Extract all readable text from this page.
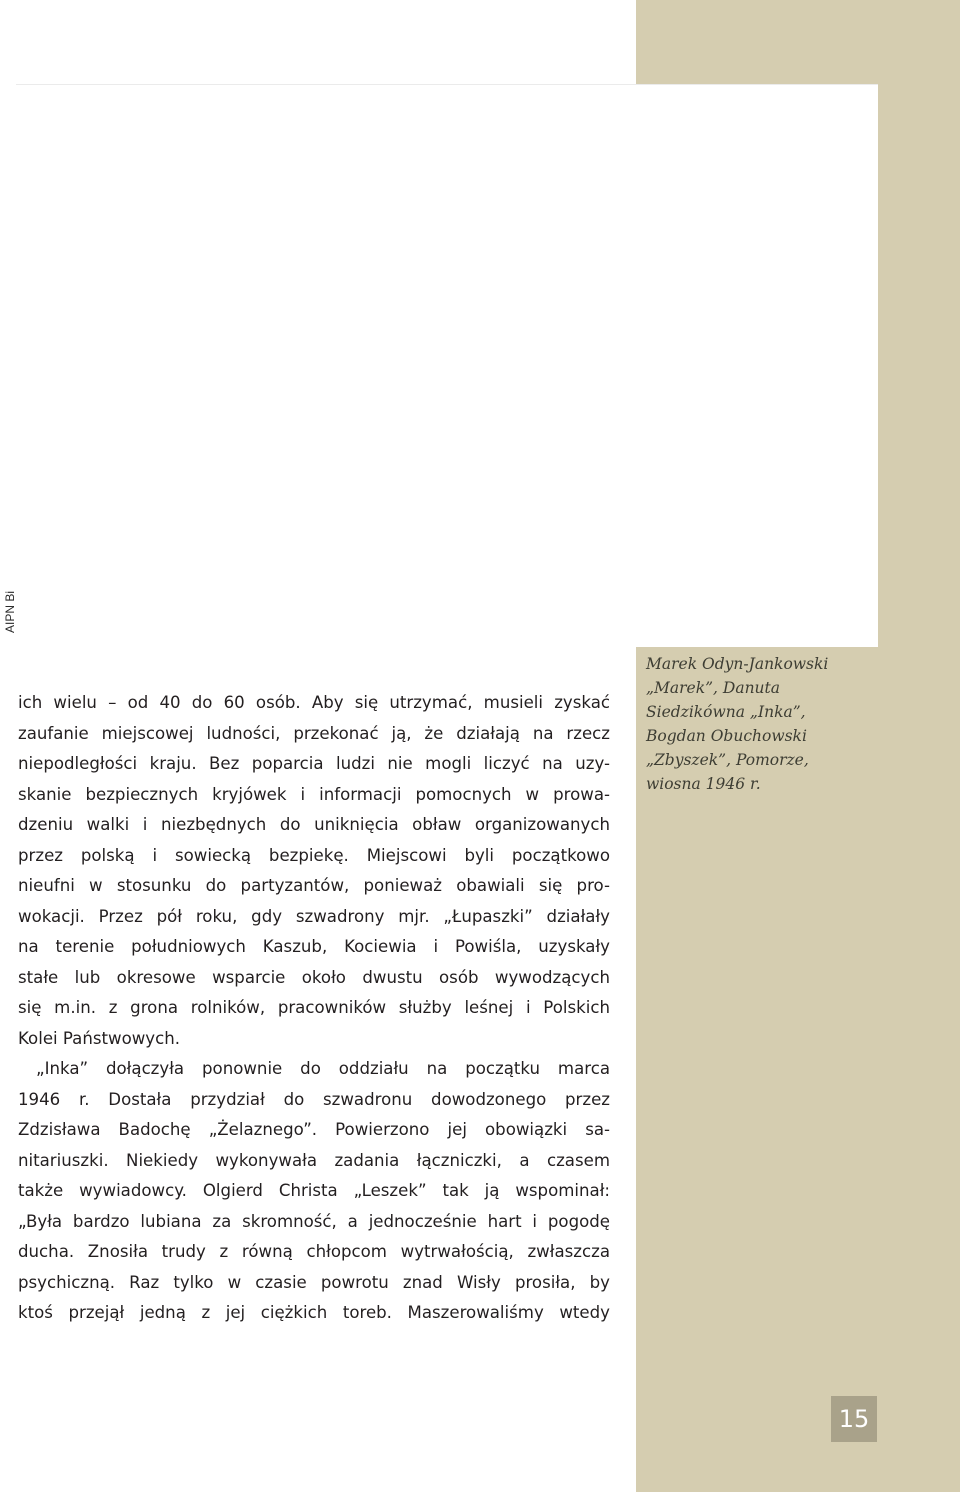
AIPN Bi
Marek Odyn-Jankowski
„Marek”, Danuta
Siedzikówna „Inka”,
Bogdan Obuchowski
„Zbyszek”, Pomorze,
wiosna 1946 r.
ich wielu – od 40 do 60 osób. Aby się utrzymać, musieli zyskać
zaufanie miejscowej ludności, przekonać ją, że działają na rzecz
niepodległości kraju. Bez poparcia ludzi nie mogli liczyć na uzy-
skanie bezpiecznych kryjówek i informacji pomocnych w prowa-
dzeniu walki i niezbędnych do uniknięcia obław organizowanych
przez polską i sowiecką bezpiekę. Miejscowi byli początkowo
nieufni w stosunku do partyzantów, ponieważ obawiali się pro-
wokacji. Przez pół roku, gdy szwadrony mjr. „Łupaszki” działały
na terenie południowych Kaszub, Kociewia i Powiśla, uzyskały
stałe lub okresowe wsparcie około dwustu osób wywodzących
się m.in. z grona rolników, pracowników służby leśnej i Polskich
Kolei Państwowych.
„Inka” dołączyła ponownie do oddziału na początku marca
1946 r. Dostała przydział do szwadronu dowodzonego przez
Zdzisława Badochę „Żelaznego”. Powierzono jej obowiązki sa-
nitariuszki. Niekiedy wykonywała zadania łączniczki, a czasem
także wywiadowcy. Olgierd Christa „Leszek” tak ją wspominał:
„Była bardzo lubiana za skromność, a jednocześnie hart i pogodę
ducha. Znosiła trudy z równą chłopcom wytrwałością, zwłaszcza
psychiczną. Raz tylko w czasie powrotu znad Wisły prosiła, by
ktoś przejął jedną z jej ciężkich toreb. Maszerowaliśmy wtedy
15
